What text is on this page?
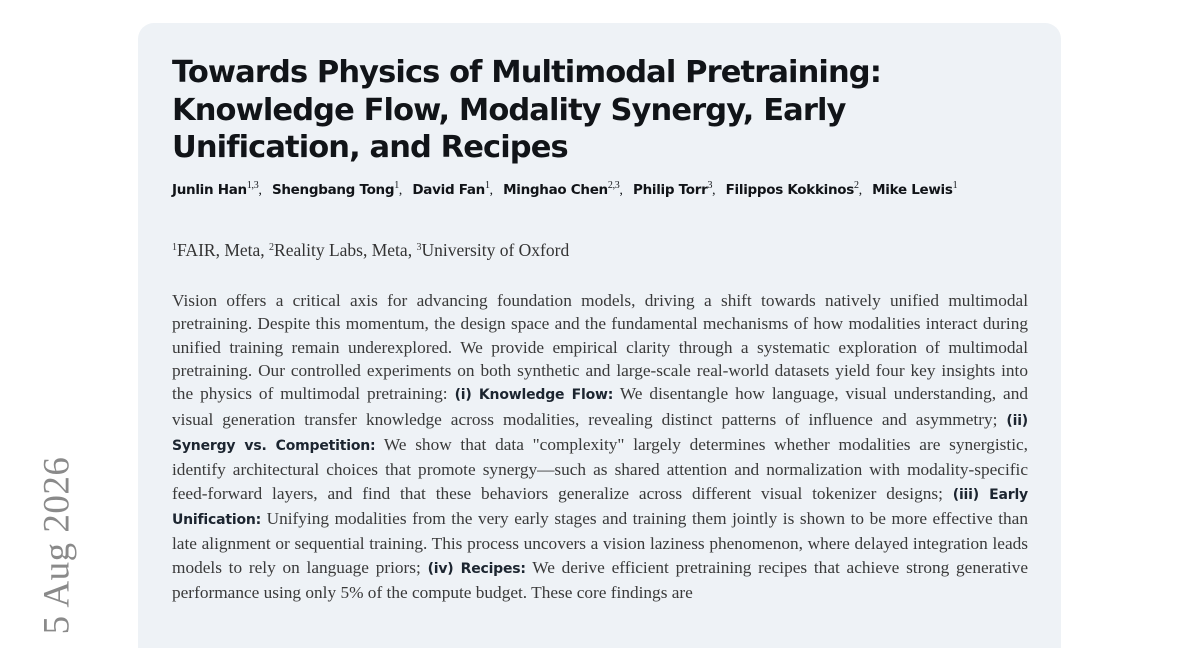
5 Aug 2026
Towards Physics of Multimodal Pretraining: Knowledge Flow, Modality Synergy, Early Unification, and Recipes

Junlin Han$^{1,3}$, Shengbang Tong$^1$, David Fan$^1$, Minghao Chen$^{2,3}$, Philip Torr$^3$, Filippos Kokkinos$^2$, Mike Lewis$^1$

$^1$FAIR, Meta, $^2$Reality Labs, Meta, $^3$University of Oxford

Vision offers a critical axis for advancing foundation models, driving a shift towards natively unified multimodal pretraining. Despite this momentum, the design space and the fundamental mechanisms of how modalities interact during unified training remain underexplored. We provide empirical clarity through a systematic exploration of multimodal pretraining. Our controlled experiments on both synthetic and large-scale real-world datasets yield four key insights into the physics of multimodal pretraining: (i) Knowledge Flow: We disentangle how language, visual understanding, and visual generation transfer knowledge across modalities, revealing distinct patterns of influence and asymmetry; (ii) Synergy vs. Competition: We show that data "complexity" largely determines whether modalities are synergistic, identify architectural choices that promote synergy—such as shared attention and normalization with modality-specific feed-forward layers, and find that these behaviors generalize across different visual tokenizer designs; (iii) Early Unification: Unifying modalities from the very early stages and training them jointly is shown to be more effective than late alignment or sequential training. This process uncovers a vision laziness phenomenon, where delayed integration leads models to rely on language priors; (iv) Recipes: We derive efficient pretraining recipes that achieve strong generative performance using only 5% of the compute budget. These core findings are
